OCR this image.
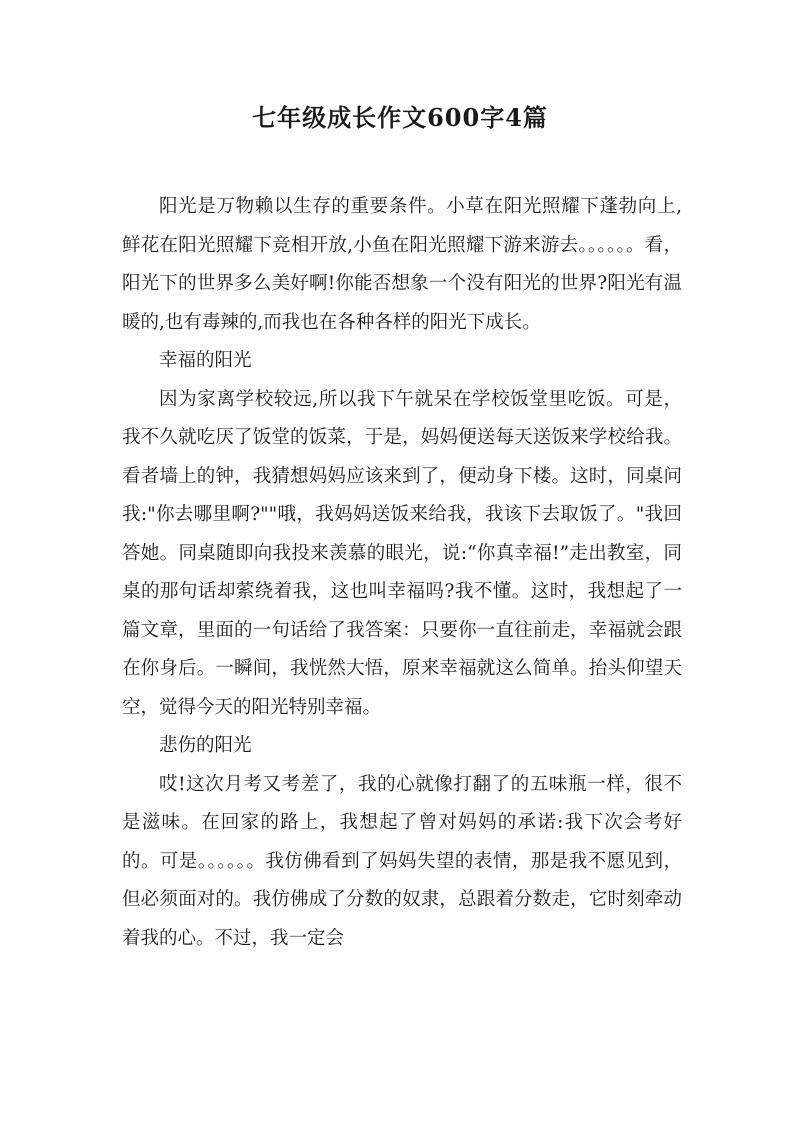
七年级成长作文600字4篇

阳光是万物赖以生存的重要条件。小草在阳光照耀下蓬勃向上,鲜花在阳光照耀下竞相开放,小鱼在阳光照耀下游来游去。。。。。。看，阳光下的世界多么美好啊!你能否想象一个没有阳光的世界?阳光有温暖的,也有毒辣的,而我也在各种各样的阳光下成长。

幸福的阳光

因为家离学校较远,所以我下午就呆在学校饭堂里吃饭。可是，我不久就吃厌了饭堂的饭菜，于是，妈妈便送每天送饭来学校给我。看者墙上的钟，我猜想妈妈应该来到了，便动身下楼。这时，同桌问我:"你去哪里啊?""哦，我妈妈送饭来给我，我该下去取饭了。"我回答她。同桌随即向我投来羡慕的眼光，说:“你真幸福!”走出教室，同桌的那句话却萦绕着我，这也叫幸福吗?我不懂。这时，我想起了一篇文章，里面的一句话给了我答案：只要你一直往前走，幸福就会跟在你身后。一瞬间，我恍然大悟，原来幸福就这么简单。抬头仰望天空，觉得今天的阳光特别幸福。

悲伤的阳光

哎!这次月考又考差了，我的心就像打翻了的五味瓶一样，很不是滋味。在回家的路上，我想起了曾对妈妈的承诺:我下次会考好的。可是。。。。。。我仿佛看到了妈妈失望的表情，那是我不愿见到，但必须面对的。我仿佛成了分数的奴隶，总跟着分数走，它时刻牵动着我的心。不过，我一定会
